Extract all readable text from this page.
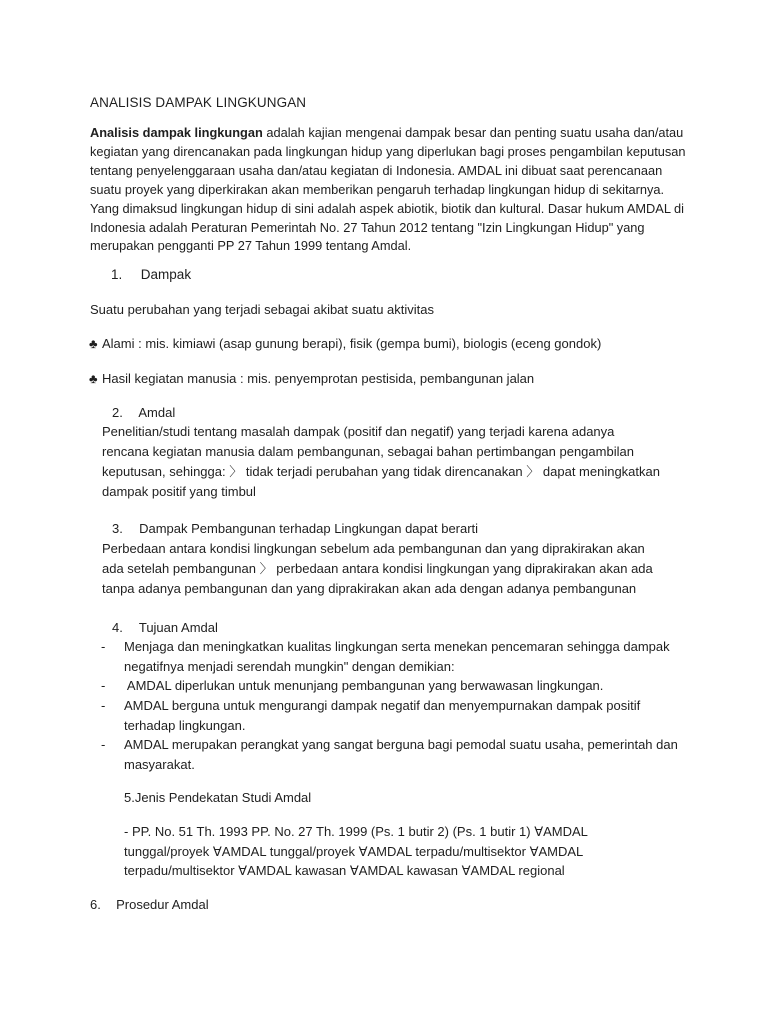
ANALISIS DAMPAK LINGKUNGAN

Analisis dampak lingkungan adalah kajian mengenai dampak besar dan penting suatu usaha dan/atau kegiatan yang direncanakan pada lingkungan hidup yang diperlukan bagi proses pengambilan keputusan tentang penyelenggaraan usaha dan/atau kegiatan di Indonesia. AMDAL ini dibuat saat perencanaan suatu proyek yang diperkirakan akan memberikan pengaruh terhadap lingkungan hidup di sekitarnya. Yang dimaksud lingkungan hidup di sini adalah aspek abiotik, biotik dan kultural. Dasar hukum AMDAL di Indonesia adalah Peraturan Pemerintah No. 27 Tahun 2012 tentang "Izin Lingkungan Hidup" yang merupakan pengganti PP 27 Tahun 1999 tentang Amdal.

1. Dampak
Suatu perubahan yang terjadi sebagai akibat suatu aktivitas
♣ Alami : mis. kimiawi (asap gunung berapi), fisik (gempa bumi), biologis (eceng gondok)
♣ Hasil kegiatan manusia : mis. penyemprotan pestisida, pembangunan jalan
2. Amdal
Penelitian/studi tentang masalah dampak (positif dan negatif) yang terjadi karena adanya
rencana kegiatan manusia dalam pembangunan, sebagai bahan pertimbangan pengambilan
keputusan, sehingga: 〉 tidak terjadi perubahan yang tidak direncanakan 〉 dapat meningkatkan
dampak positif yang timbul
3. Dampak Pembangunan terhadap Lingkungan dapat berarti
Perbedaan antara kondisi lingkungan sebelum ada pembangunan dan yang diprakirakan akan
ada setelah pembangunan 〉 perbedaan antara kondisi lingkungan yang diprakirakan akan ada
tanpa adanya pembangunan dan yang diprakirakan akan ada dengan adanya pembangunan
4. Tujuan Amdal
- Menjaga dan meningkatkan kualitas lingkungan serta menekan pencemaran sehingga dampak negatifnya menjadi serendah mungkin" dengan demikian:
- AMDAL diperlukan untuk menunjang pembangunan yang berwawasan lingkungan.
- AMDAL berguna untuk mengurangi dampak negatif dan menyempurnakan dampak positif terhadap lingkungan.
- AMDAL merupakan perangkat yang sangat berguna bagi pemodal suatu usaha, pemerintah dan masyarakat.
5.Jenis Pendekatan Studi Amdal
- PP. No. 51 Th. 1993 PP. No. 27 Th. 1999 (Ps. 1 butir 2) (Ps. 1 butir 1) ∀AMDAL
tunggal/proyek ∀AMDAL tunggal/proyek ∀AMDAL terpadu/multisektor ∀AMDAL
terpadu/multisektor ∀AMDAL kawasan ∀AMDAL kawasan ∀AMDAL regional
6. Prosedur Amdal
